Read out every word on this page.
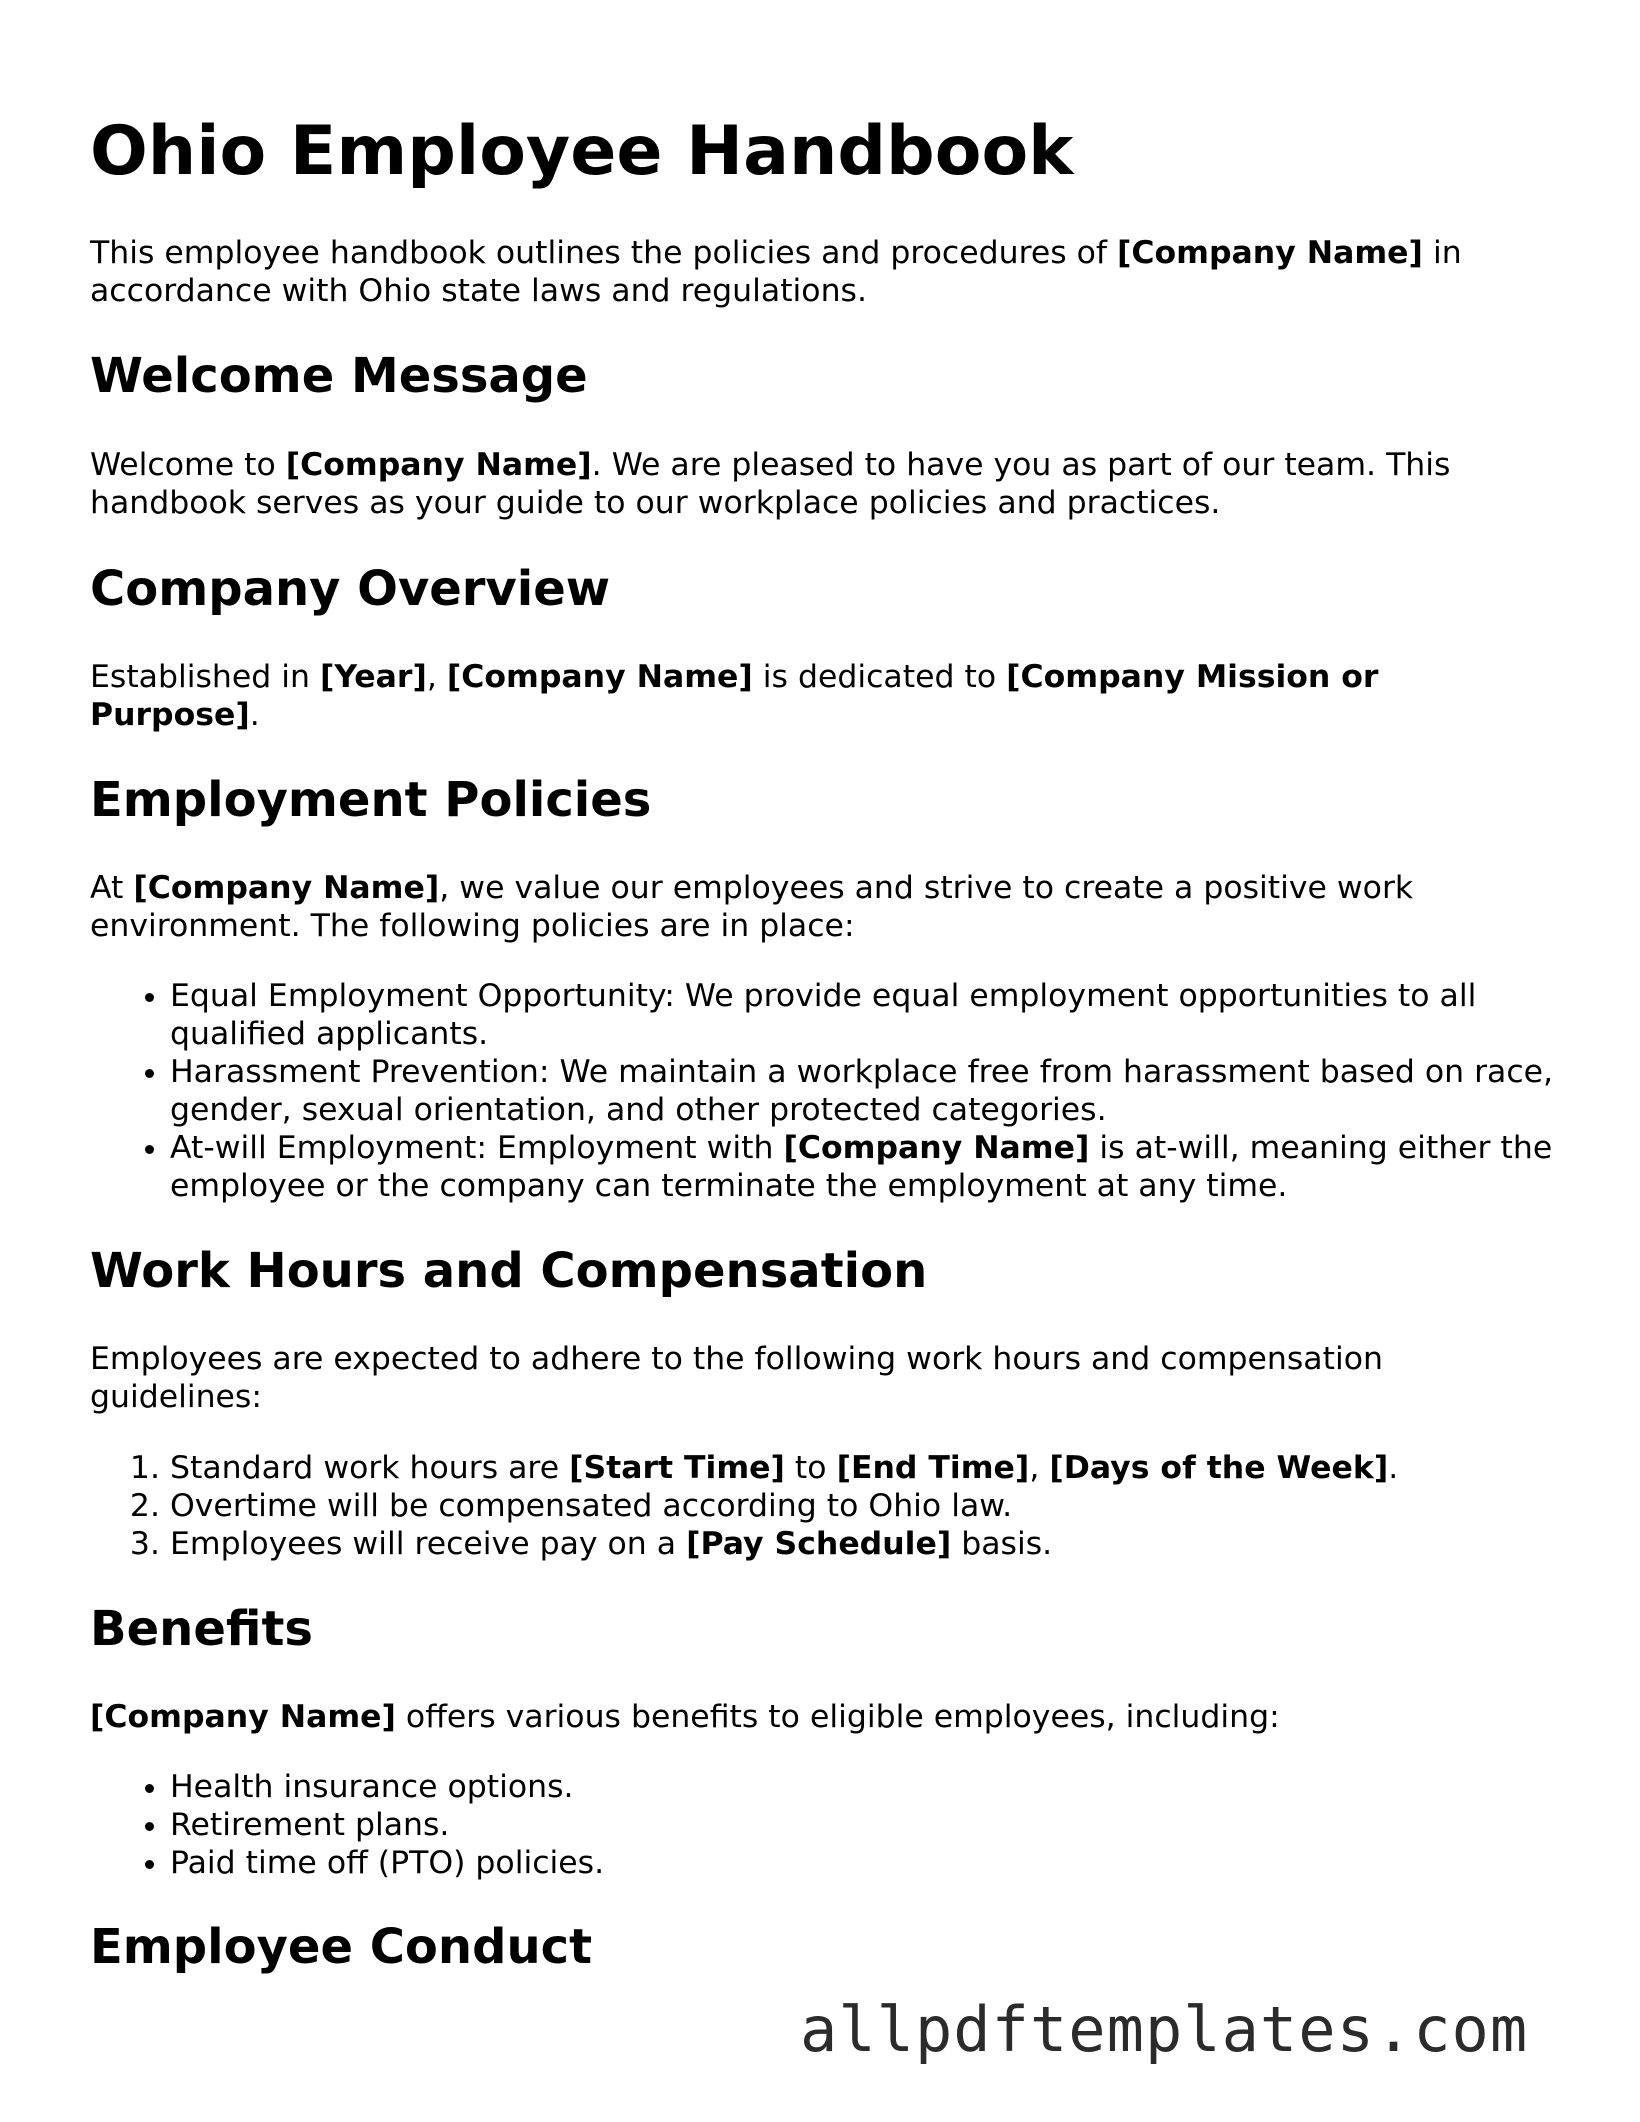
Ohio Employee Handbook

This employee handbook outlines the policies and procedures of [Company Name] in accordance with Ohio state laws and regulations.

Welcome Message

Welcome to [Company Name]. We are pleased to have you as part of our team. This handbook serves as your guide to our workplace policies and practices.

Company Overview

Established in [Year], [Company Name] is dedicated to [Company Mission or Purpose].

Employment Policies

At [Company Name], we value our employees and strive to create a positive work environment. The following policies are in place:

• Equal Employment Opportunity: We provide equal employment opportunities to all qualified applicants.
• Harassment Prevention: We maintain a workplace free from harassment based on race, gender, sexual orientation, and other protected categories.
• At-will Employment: Employment with [Company Name] is at-will, meaning either the employee or the company can terminate the employment at any time.
Work Hours and Compensation

Employees are expected to adhere to the following work hours and compensation guidelines:

1. Standard work hours are [Start Time] to [End Time], [Days of the Week].
2. Overtime will be compensated according to Ohio law.
3. Employees will receive pay on a [Pay Schedule] basis.
Benefits

[Company Name] offers various benefits to eligible employees, including:

• Health insurance options.
• Retirement plans.
• Paid time off (PTO) policies.
Employee Conduct
allpdftemplates.com
